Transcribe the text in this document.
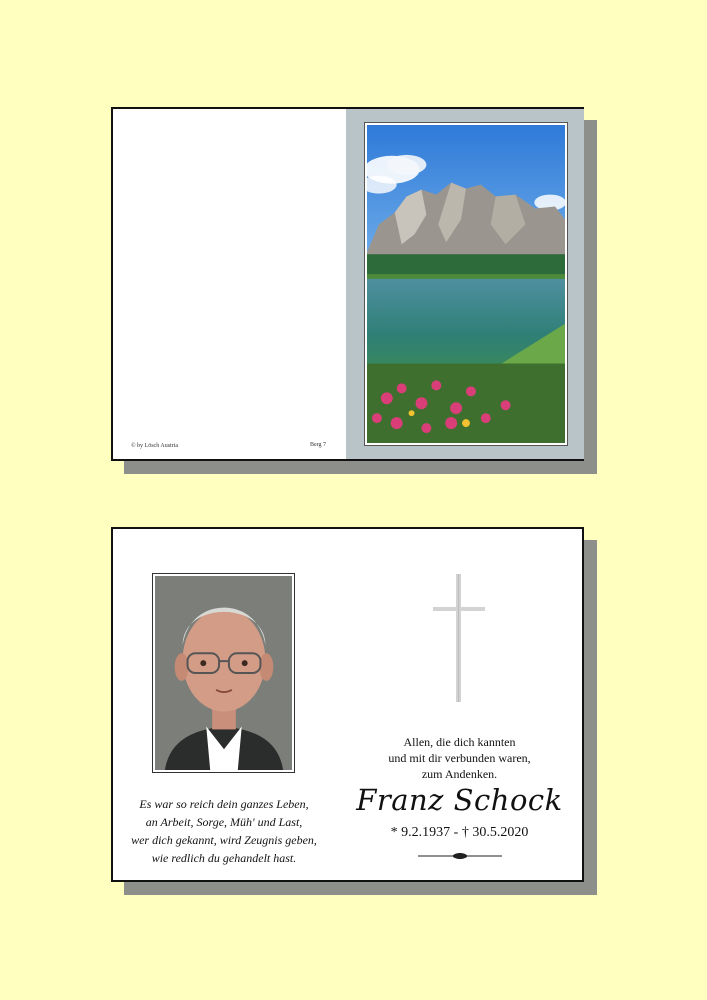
© by Lösch Austria	Berg 7
Allen, die dich kannten
und mit dir verbunden waren,
zum Andenken.
Franz Schock
* 9.2.1937 - † 30.5.2020
Es war so reich dein ganzes Leben,
an Arbeit, Sorge, Müh' und Last,
wer dich gekannt, wird Zeugnis geben,
wie redlich du gehandelt hast.
